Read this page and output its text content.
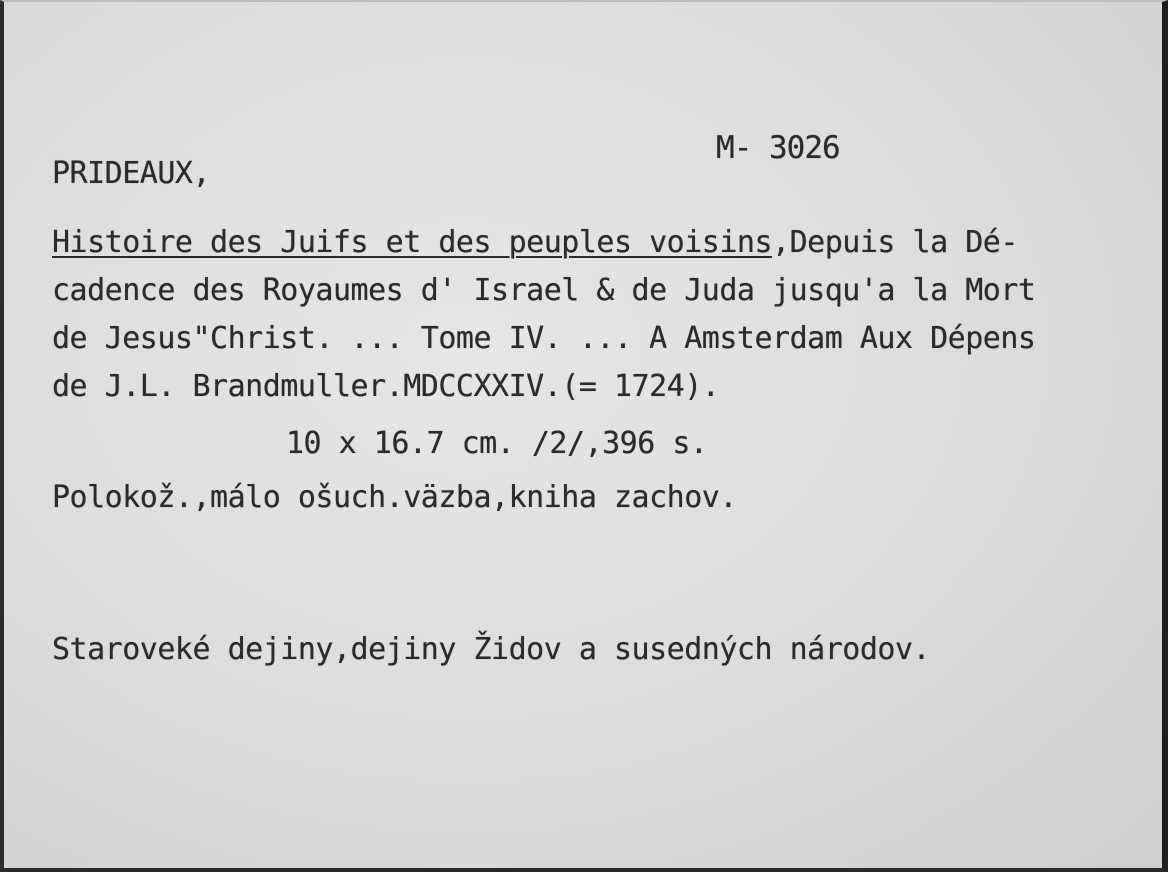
M- 3026
PRIDEAUX,
Histoire des Juifs et des peuples voisins,Depuis la Dé-
cadence des Royaumes d' Israel & de Juda jusqu'a la Mort
de Jesus"Christ. ... Tome IV. ... A Amsterdam Aux Dépens
de J.L. Brandmuller.MDCCXXIV.(= 1724).
10 x 16.7 cm. /2/,396 s.
Polokož.,málo ošuch.väzba,kniha zachov.
Staroveké dejiny,dejiny Židov a susedných národov.
